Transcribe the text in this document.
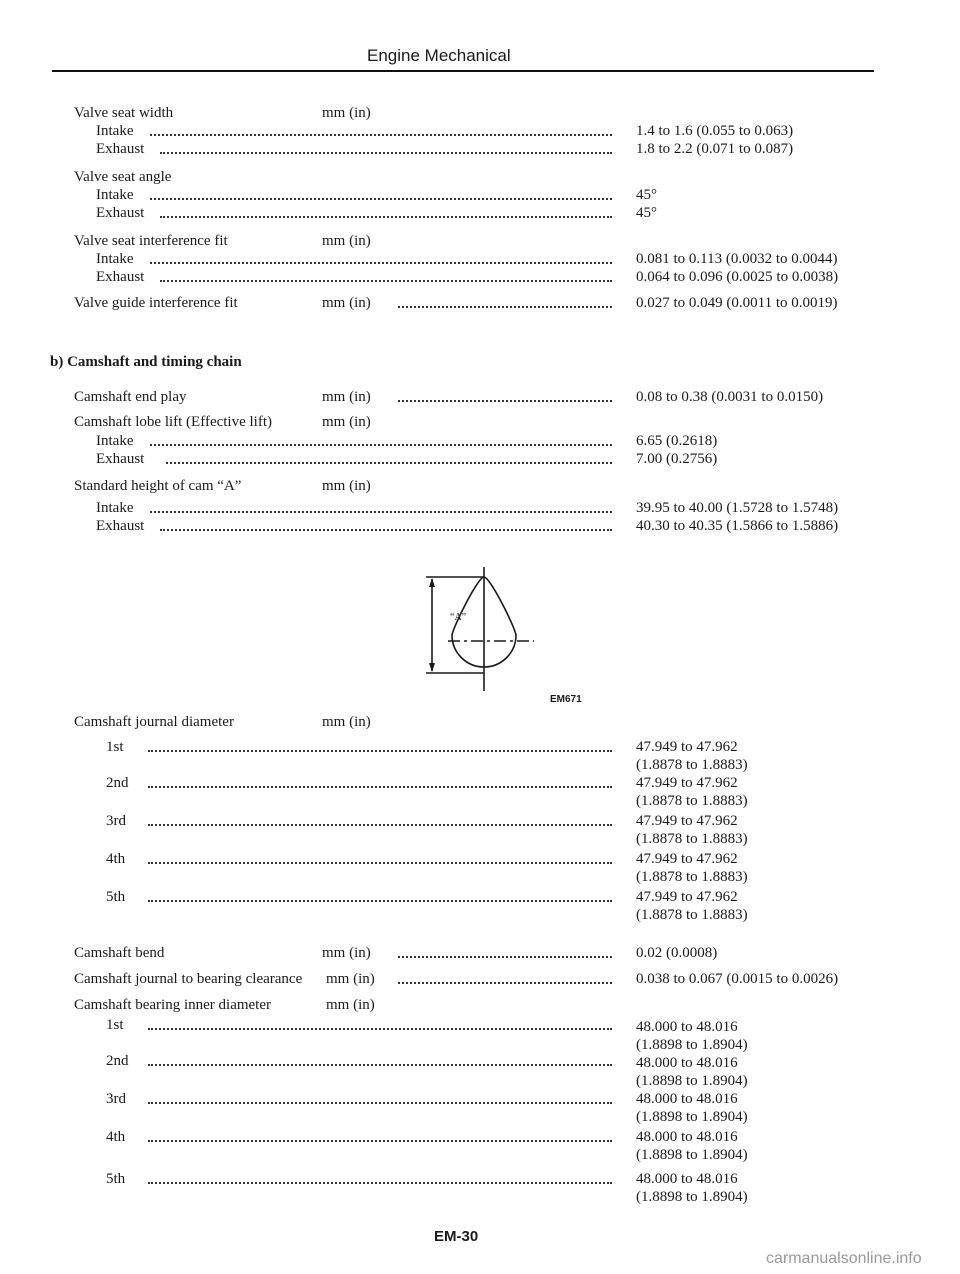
Engine Mechanical
Valve seat width	mm (in)
Intake	1.4 to 1.6 (0.055 to 0.063)
Exhaust	1.8 to 2.2 (0.071 to 0.087)
Valve seat angle
Intake	45°
Exhaust	45°
Valve seat interference fit	mm (in)
Intake	0.081 to 0.113 (0.0032 to 0.0044)
Exhaust	0.064 to 0.096 (0.0025 to 0.0038)
Valve guide interference fit	mm (in)	0.027 to 0.049 (0.0011 to 0.0019)
b) Camshaft and timing chain
Camshaft end play	mm (in)	0.08 to 0.38 (0.0031 to 0.0150)
Camshaft lobe lift (Effective lift)	mm (in)
Intake	6.65 (0.2618)
Exhaust	7.00 (0.2756)
Standard height of cam “A”	mm (in)
Intake	39.95 to 40.00 (1.5728 to 1.5748)
Exhaust	40.30 to 40.35 (1.5866 to 1.5886)
“A”
EM671
Camshaft journal diameter	mm (in)
1st	47.949 to 47.962
(1.8878 to 1.8883)
2nd	47.949 to 47.962
(1.8878 to 1.8883)
3rd	47.949 to 47.962
(1.8878 to 1.8883)
4th	47.949 to 47.962
(1.8878 to 1.8883)
5th	47.949 to 47.962
(1.8878 to 1.8883)
Camshaft bend	mm (in)	0.02 (0.0008)
Camshaft journal to bearing clearance mm (in)	0.038 to 0.067 (0.0015 to 0.0026)
Camshaft bearing inner diameter	mm (in)
1st	48.000 to 48.016
(1.8898 to 1.8904)
2nd	48.000 to 48.016
(1.8898 to 1.8904)
3rd	48.000 to 48.016
(1.8898 to 1.8904)
4th	48.000 to 48.016
(1.8898 to 1.8904)
5th	48.000 to 48.016
(1.8898 to 1.8904)
EM-30
carmanualsonline.info
